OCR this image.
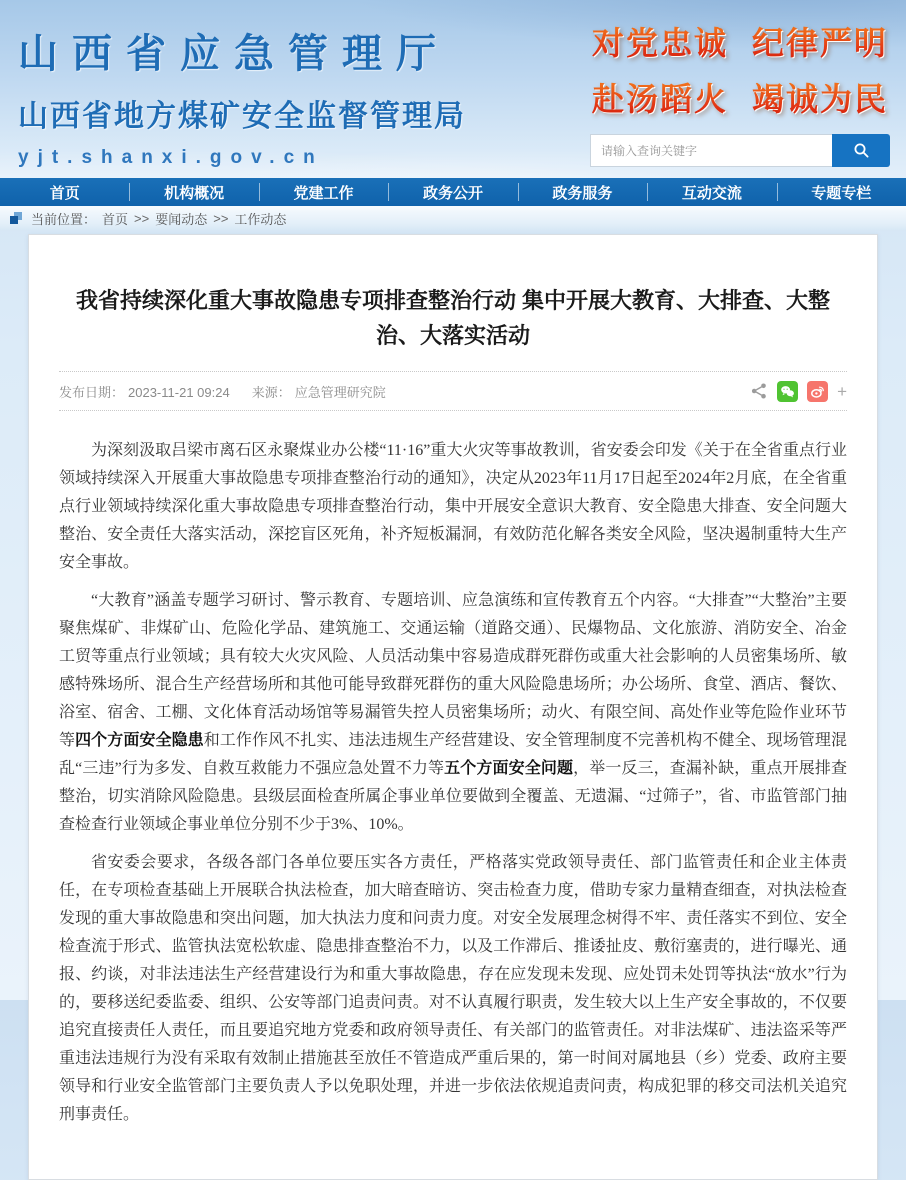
山西省应急管理厅
山西省地方煤矿安全监督管理局
yjt.shanxi.gov.cn
对党忠诚 纪律严明
赴汤蹈火 竭诚为民
请输入查询关键字
首页	机构概况	党建工作	政务公开	政务服务	互动交流	专题专栏
当前位置： 首页 >> 要闻动态 >> 工作动态
我省持续深化重大事故隐患专项排查整治行动 集中开展大教育、大排查、大整治、大落实活动
发布日期： 2023-11-21 09:24 来源： 应急管理研究院	+

为深刻汲取吕梁市离石区永聚煤业办公楼“11·16”重大火灾等事故教训，省安委会印发《关于在全省重点行业领域持续深入开展重大事故隐患专项排查整治行动的通知》，决定从2023年11月17日起至2024年2月底，在全省重点行业领域持续深化重大事故隐患专项排查整治行动，集中开展安全意识大教育、安全隐患大排查、安全问题大整治、安全责任大落实活动，深挖盲区死角，补齐短板漏洞，有效防范化解各类安全风险，坚决遏制重特大生产安全事故。

“大教育”涵盖专题学习研讨、警示教育、专题培训、应急演练和宣传教育五个内容。“大排查”“大整治”主要聚焦煤矿、非煤矿山、危险化学品、建筑施工、交通运输（道路交通）、民爆物品、文化旅游、消防安全、冶金工贸等重点行业领域；具有较大火灾风险、人员活动集中容易造成群死群伤或重大社会影响的人员密集场所、敏感特殊场所、混合生产经营场所和其他可能导致群死群伤的重大风险隐患场所；办公场所、食堂、酒店、餐饮、浴室、宿舍、工棚、文化体育活动场馆等易漏管失控人员密集场所；动火、有限空间、高处作业等危险作业环节等四个方面安全隐患和工作作风不扎实、违法违规生产经营建设、安全管理制度不完善机构不健全、现场管理混乱“三违”行为多发、自救互救能力不强应急处置不力等五个方面安全问题，举一反三，查漏补缺，重点开展排查整治，切实消除风险隐患。县级层面检查所属企事业单位要做到全覆盖、无遗漏、“过筛子”，省、市监管部门抽查检查行业领域企事业单位分别不少于3%、10%。

省安委会要求，各级各部门各单位要压实各方责任，严格落实党政领导责任、部门监管责任和企业主体责任，在专项检查基础上开展联合执法检查，加大暗查暗访、突击检查力度，借助专家力量精查细查，对执法检查发现的重大事故隐患和突出问题，加大执法力度和问责力度。对安全发展理念树得不牢、责任落实不到位、安全检查流于形式、监管执法宽松软虚、隐患排查整治不力，以及工作滞后、推诿扯皮、敷衍塞责的，进行曝光、通报、约谈，对非法违法生产经营建设行为和重大事故隐患，存在应发现未发现、应处罚未处罚等执法“放水”行为的，要移送纪委监委、组织、公安等部门追责问责。对不认真履行职责，发生较大以上生产安全事故的，不仅要追究直接责任人责任，而且要追究地方党委和政府领导责任、有关部门的监管责任。对非法煤矿、违法盗采等严重违法违规行为没有采取有效制止措施甚至放任不管造成严重后果的，第一时间对属地县（乡）党委、政府主要领导和行业安全监管部门主要负责人予以免职处理，并进一步依法依规追责问责，构成犯罪的移交司法机关追究刑事责任。
